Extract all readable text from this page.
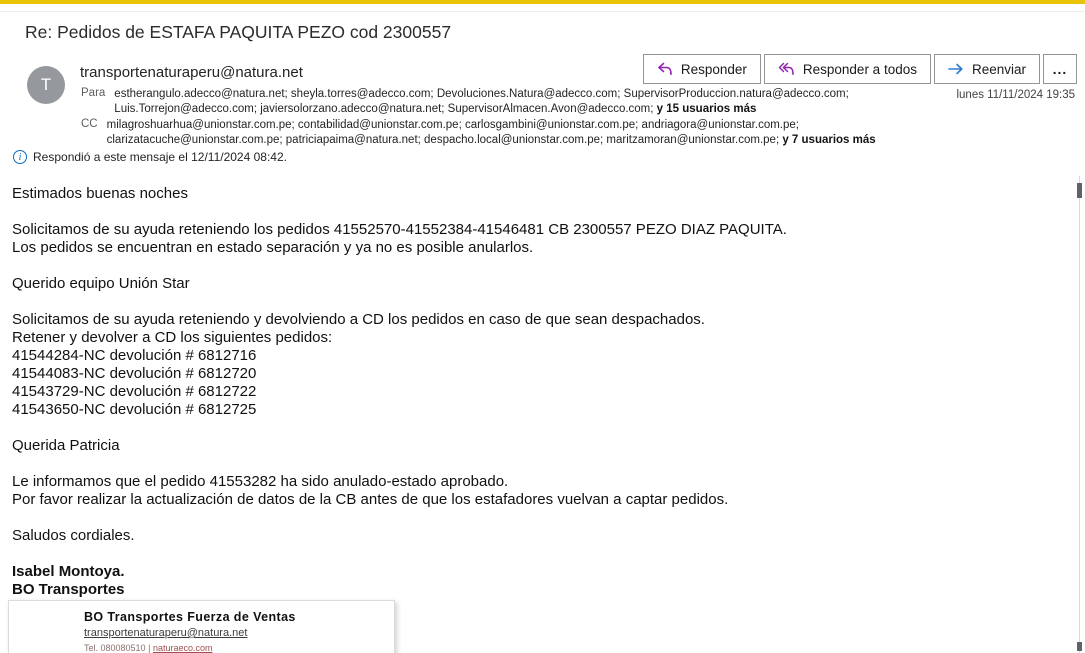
Re: Pedidos de ESTAFA PAQUITA PEZO cod 2300557
Responder	Responder a todos	Reenviar ...
T
transportenaturaperu@natura.net
lunes 11/11/2024 19:35
Para estherangulo.adecco@natura.net; sheyla.torres@adecco.com; Devoluciones.Natura@adecco.com; SupervisorProduccion.natura@adecco.com;
Luis.Torrejon@adecco.com; javiersolorzano.adecco@natura.net; SupervisorAlmacen.Avon@adecco.com; y 15 usuarios más
CC milagroshuarhua@unionstar.com.pe; contabilidad@unionstar.com.pe; carlosgambini@unionstar.com.pe; andriagora@unionstar.com.pe;
clarizatacuche@unionstar.com.pe; patriciapaima@natura.net; despacho.local@unionstar.com.pe; maritzamoran@unionstar.com.pe; y 7 usuarios más
i Respondió a este mensaje el 12/11/2024 08:42.
Estimados buenas noches

Solicitamos de su ayuda reteniendo los pedidos 41552570-41552384-41546481 CB 2300557 PEZO DIAZ PAQUITA.
Los pedidos se encuentran en estado separación y ya no es posible anularlos.

Querido equipo Unión Star

Solicitamos de su ayuda reteniendo y devolviendo a CD los pedidos en caso de que sean despachados.
Retener y devolver a CD los siguientes pedidos:
41544284-NC devolución # 6812716
41544083-NC devolución # 6812720
41543729-NC devolución # 6812722
41543650-NC devolución # 6812725

Querida Patricia

Le informamos que el pedido 41553282 ha sido anulado-estado aprobado.
Por favor realizar la actualización de datos de la CB antes de que los estafadores vuelvan a captar pedidos.

Saludos cordiales.

Isabel Montoya.
BO Transportes
BO Transportes Fuerza de Ventas
transportenaturaperu@natura.net
Tel. 080080510 | naturaeco.com
